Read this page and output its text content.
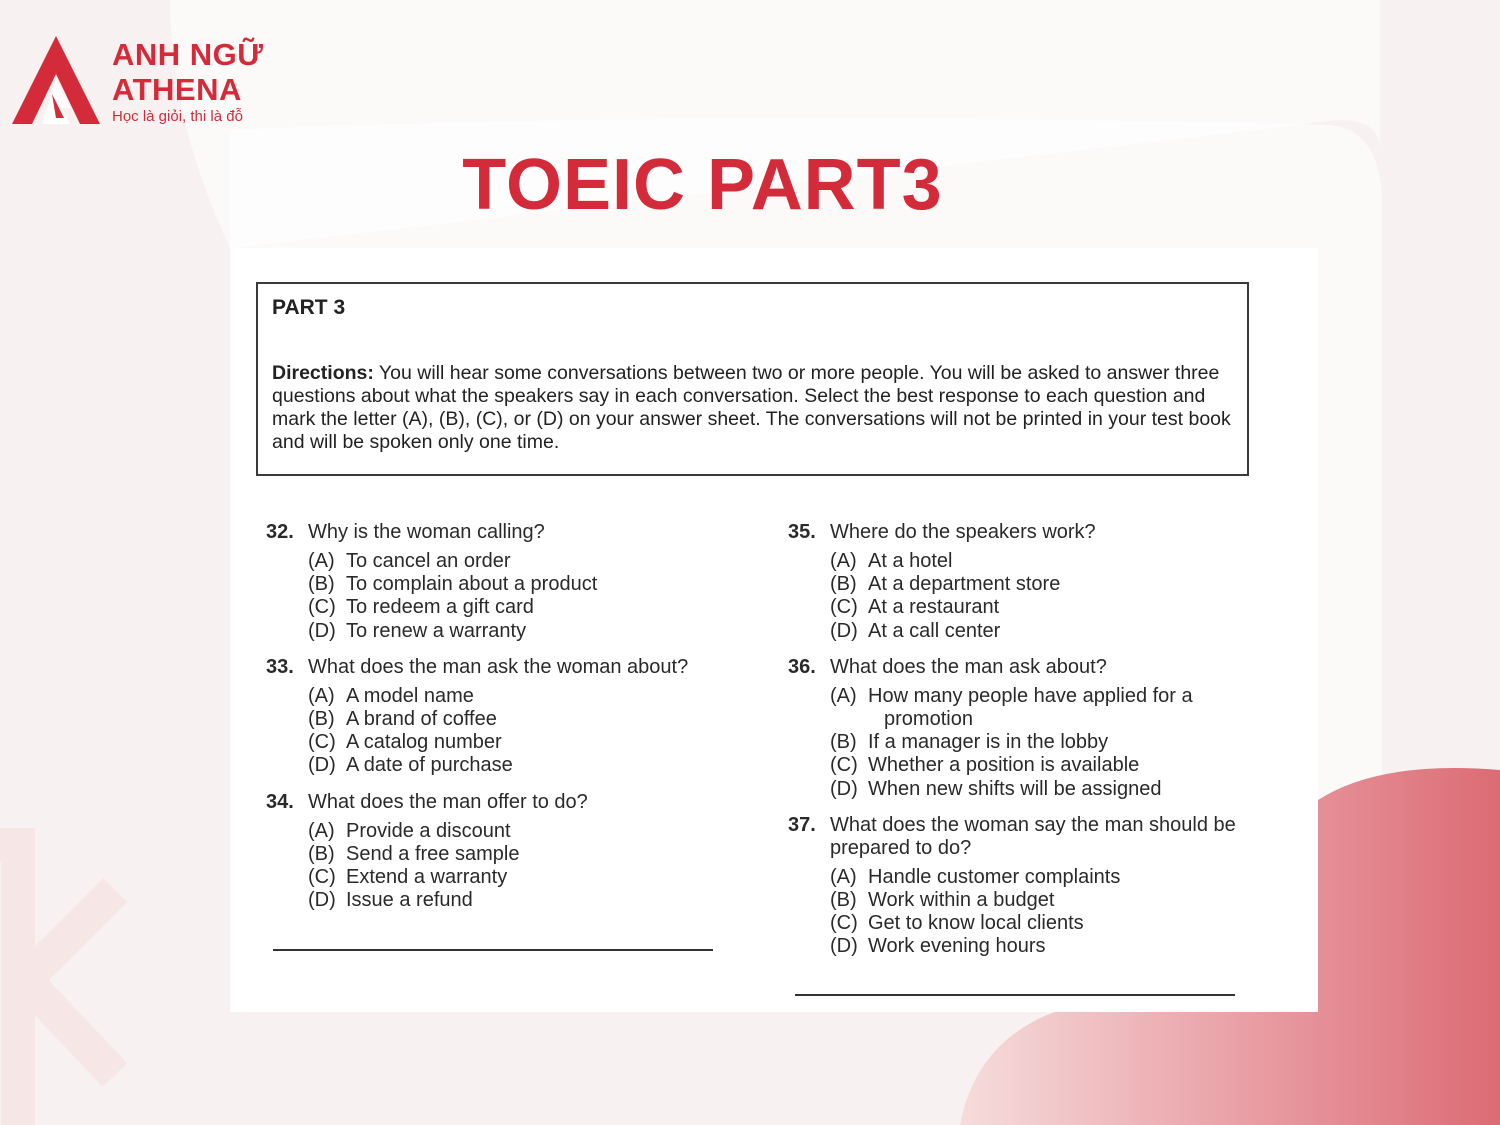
ANH NGỮ
ATHENA
Học là giỏi, thi là đỗ
TOEIC PART3

PART 3

Directions: You will hear some conversations between two or more people. You will be asked to answer three questions about what the speakers say in each conversation. Select the best response to each question and mark the letter (A), (B), (C), or (D) on your answer sheet. The conversations will not be printed in your test book and will be spoken only one time.
32. Why is the woman calling?
(A) To cancel an order
(B) To complain about a product
(C) To redeem a gift card
(D) To renew a warranty
33. What does the man ask the woman about?
(A) A model name
(B) A brand of coffee
(C) A catalog number
(D) A date of purchase
34. What does the man offer to do?
(A) Provide a discount
(B) Send a free sample
(C) Extend a warranty
(D) Issue a refund
35. Where do the speakers work?
(A) At a hotel
(B) At a department store
(C) At a restaurant
(D) At a call center
36. What does the man ask about?
(A) How many people have applied for a
promotion
(B) If a manager is in the lobby
(C) Whether a position is available
(D) When new shifts will be assigned
37. What does the woman say the man should be prepared to do?
(A) Handle customer complaints
(B) Work within a budget
(C) Get to know local clients
(D) Work evening hours
